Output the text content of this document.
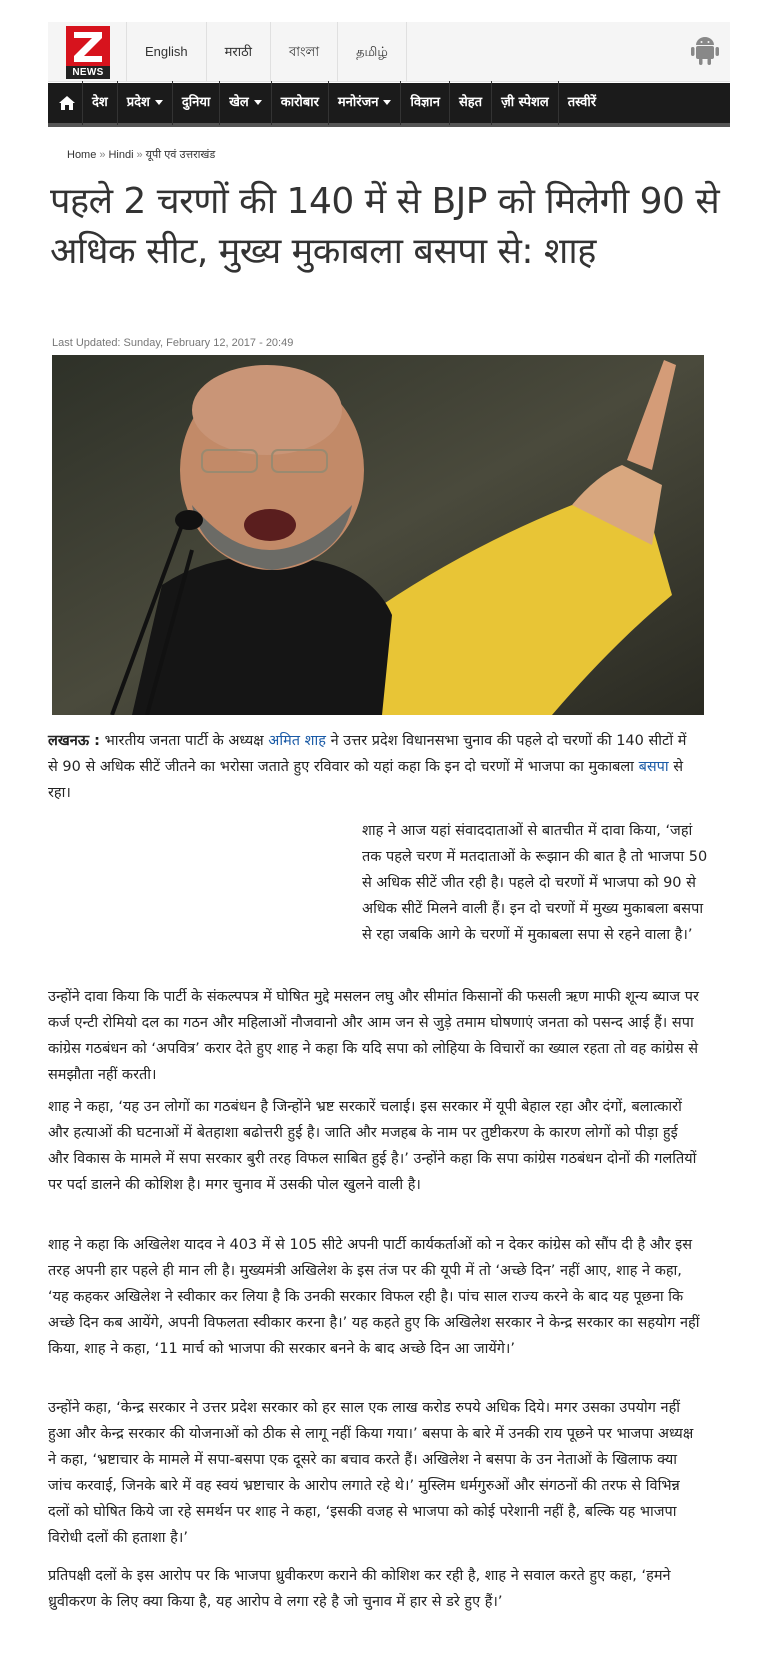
NEWS
English	मराठी	বাংলা	தமிழ்
देश	प्रदेश	दुनिया	खेल	कारोबार	मनोरंजन	विज्ञान	सेहत	ज़ी स्पेशल	तस्वीरें
Home » Hindi » यूपी एवं उत्तराखंड
पहले 2 चरणों की 140 में से BJP को मिलेगी 90 से अधिक सीट, मुख्य मुकाबला बसपा से: शाह
Last Updated: Sunday, February 12, 2017 - 20:49
लखनऊ : भारतीय जनता पार्टी के अध्यक्ष अमित शाह ने उत्तर प्रदेश विधानसभा चुनाव की पहले दो चरणों की 140 सीटों में से 90 से अधिक सीटें जीतने का भरोसा जताते हुए रविवार को यहां कहा कि इन दो चरणों में भाजपा का मुकाबला बसपा से रहा।
शाह ने आज यहां संवाददाताओं से बातचीत में दावा किया, ‘जहां तक पहले चरण में मतदाताओं के रूझान की बात है तो भाजपा 50 से अधिक सीटें जीत रही है। पहले दो चरणों में भाजपा को 90 से अधिक सीटें मिलने वाली हैं। इन दो चरणों में मुख्य मुकाबला बसपा से रहा जबकि आगे के चरणों में मुकाबला सपा से रहने वाला है।’
उन्होंने दावा किया कि पार्टी के संकल्पपत्र में घोषित मुद्दे मसलन लघु और सीमांत किसानों की फसली ऋण माफी शून्य ब्याज पर कर्ज एन्टी रोमियो दल का गठन और महिलाओं नौजवानो और आम जन से जुड़े तमाम घोषणाएं जनता को पसन्द आई हैं। सपा कांग्रेस गठबंधन को ‘अपवित्र’ करार देते हुए शाह ने कहा कि यदि सपा को लोहिया के विचारों का ख्याल रहता तो वह कांग्रेस से समझौता नहीं करती।
शाह ने कहा, ‘यह उन लोगों का गठबंधन है जिन्होंने भ्रष्ट सरकारें चलाई। इस सरकार में यूपी बेहाल रहा और दंगों, बलात्कारों और हत्याओं की घटनाओं में बेतहाशा बढोत्तरी हुई है। जाति और मजहब के नाम पर तुष्टीकरण के कारण लोगों को पीड़ा हुई और विकास के मामले में सपा सरकार बुरी तरह विफल साबित हुई है।’ उन्होंने कहा कि सपा कांग्रेस गठबंधन दोनों की गलतियों पर पर्दा डालने की कोशिश है। मगर चुनाव में उसकी पोल खुलने वाली है।
शाह ने कहा कि अखिलेश यादव ने 403 में से 105 सीटे अपनी पार्टी कार्यकर्ताओं को न देकर कांग्रेस को सौंप दी है और इस तरह अपनी हार पहले ही मान ली है। मुख्यमंत्री अखिलेश के इस तंज पर की यूपी में तो ‘अच्छे दिन’ नहीं आए, शाह ने कहा, ‘यह कहकर अखिलेश ने स्वीकार कर लिया है कि उनकी सरकार विफल रही है। पांच साल राज्य करने के बाद यह पूछना कि अच्छे दिन कब आयेंगे, अपनी विफलता स्वीकार करना है।’ यह कहते हुए कि अखिलेश सरकार ने केन्द्र सरकार का सहयोग नहीं किया, शाह ने कहा, ‘11 मार्च को भाजपा की सरकार बनने के बाद अच्छे दिन आ जायेंगे।’
उन्होंने कहा, ‘केन्द्र सरकार ने उत्तर प्रदेश सरकार को हर साल एक लाख करोड रुपये अधिक दिये। मगर उसका उपयोग नहीं हुआ और केन्द्र सरकार की योजनाओं को ठीक से लागू नहीं किया गया।’ बसपा के बारे में उनकी राय पूछने पर भाजपा अध्यक्ष ने कहा, ‘भ्रष्टाचार के मामले में सपा-बसपा एक दूसरे का बचाव करते हैं। अखिलेश ने बसपा के उन नेताओं के खिलाफ क्या जांच करवाई, जिनके बारे में वह स्वयं भ्रष्टाचार के आरोप लगाते रहे थे।’ मुस्लिम धर्मगुरुओं और संगठनों की तरफ से विभिन्न दलों को घोषित किये जा रहे समर्थन पर शाह ने कहा, ‘इसकी वजह से भाजपा को कोई परेशानी नहीं है, बल्कि यह भाजपा विरोधी दलों की हताशा है।’
प्रतिपक्षी दलों के इस आरोप पर कि भाजपा ध्रुवीकरण कराने की कोशिश कर रही है, शाह ने सवाल करते हुए कहा, ‘हमने ध्रुवीकरण के लिए क्या किया है, यह आरोप वे लगा रहे है जो चुनाव में हार से डरे हुए हैं।’
